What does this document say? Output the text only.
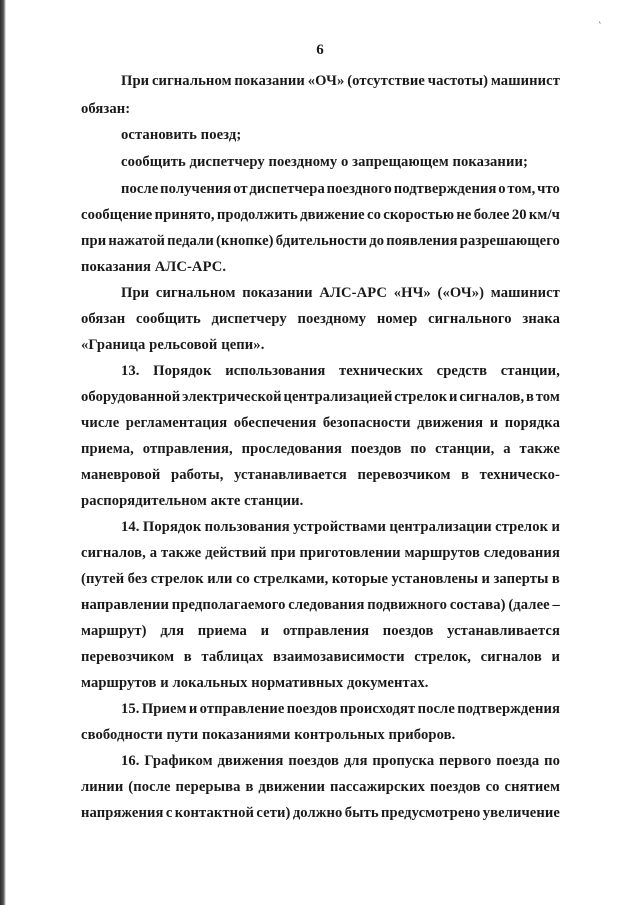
'
6
При сигнальном показании «ОЧ» (отсутствие частоты) машинист
обязан:
остановить поезд;
сообщить диспетчеру поездному о запрещающем показании;
после получения от диспетчера поездного подтверждения о том, что
сообщение принято, продолжить движение со скоростью не более 20 км/ч
при нажатой педали (кнопке) бдительности до появления разрешающего
показания АЛС-АРС.
При сигнальном показании АЛС-АРС «НЧ» («ОЧ») машинист
обязан сообщить диспетчеру поездному номер сигнального знака
«Граница рельсовой цепи».
13. Порядок использования технических средств станции,
оборудованной электрической централизацией стрелок и сигналов, в том
числе регламентация обеспечения безопасности движения и порядка
приема, отправления, проследования поездов по станции, а также
маневровой работы, устанавливается перевозчиком в техническо-
распорядительном акте станции.
14. Порядок пользования устройствами централизации стрелок и
сигналов, а также действий при приготовлении маршрутов следования
(путей без стрелок или со стрелками, которые установлены и заперты в
направлении предполагаемого следования подвижного состава) (далее –
маршрут) для приема и отправления поездов устанавливается
перевозчиком в таблицах взаимозависимости стрелок, сигналов и
маршрутов и локальных нормативных документах.
15. Прием и отправление поездов происходят после подтверждения
свободности пути показаниями контрольных приборов.
16. Графиком движения поездов для пропуска первого поезда по
линии (после перерыва в движении пассажирских поездов со снятием
напряжения с контактной сети) должно быть предусмотрено увеличение
